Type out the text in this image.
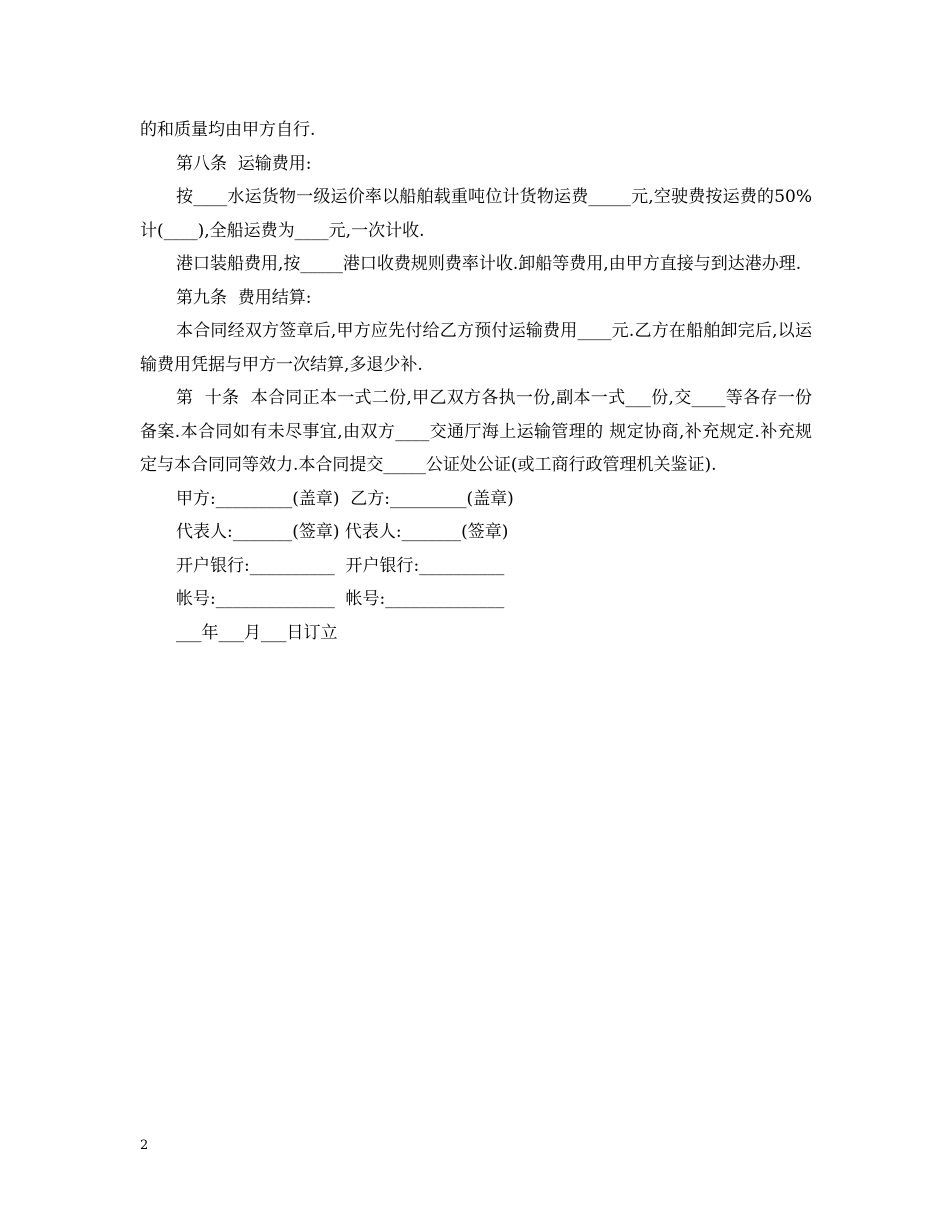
的和质量均由甲方自行.

第八条  运输费用:

按____水运货物一级运价率以船舶载重吨位计货物运费_____元,空驶费按运费的50%计(____),全船运费为____元,一次计收.

港口装船费用,按_____港口收费规则费率计收.卸船等费用,由甲方直接与到达港办理.

第九条  费用结算:

本合同经双方签章后,甲方应先付给乙方预付运输费用____元.乙方在船舶卸完后,以运输费用凭据与甲方一次结算,多退少补.

第  十条  本合同正本一式二份,甲乙双方各执一份,副本一式___份,交____等各存一份备案.本合同如有未尽事宜,由双方____交通厅海上运输管理的 规定协商,补充规定.补充规定与本合同同等效力.本合同提交_____公证处公证(或工商行政管理机关鉴证).

甲方:_________(盖章)  乙方:_________(盖章)

代表人:_______(签章) 代表人:_______(签章)

开户银行:__________  开户银行:__________

帐号:______________  帐号:______________

___年___月___日订立

2
